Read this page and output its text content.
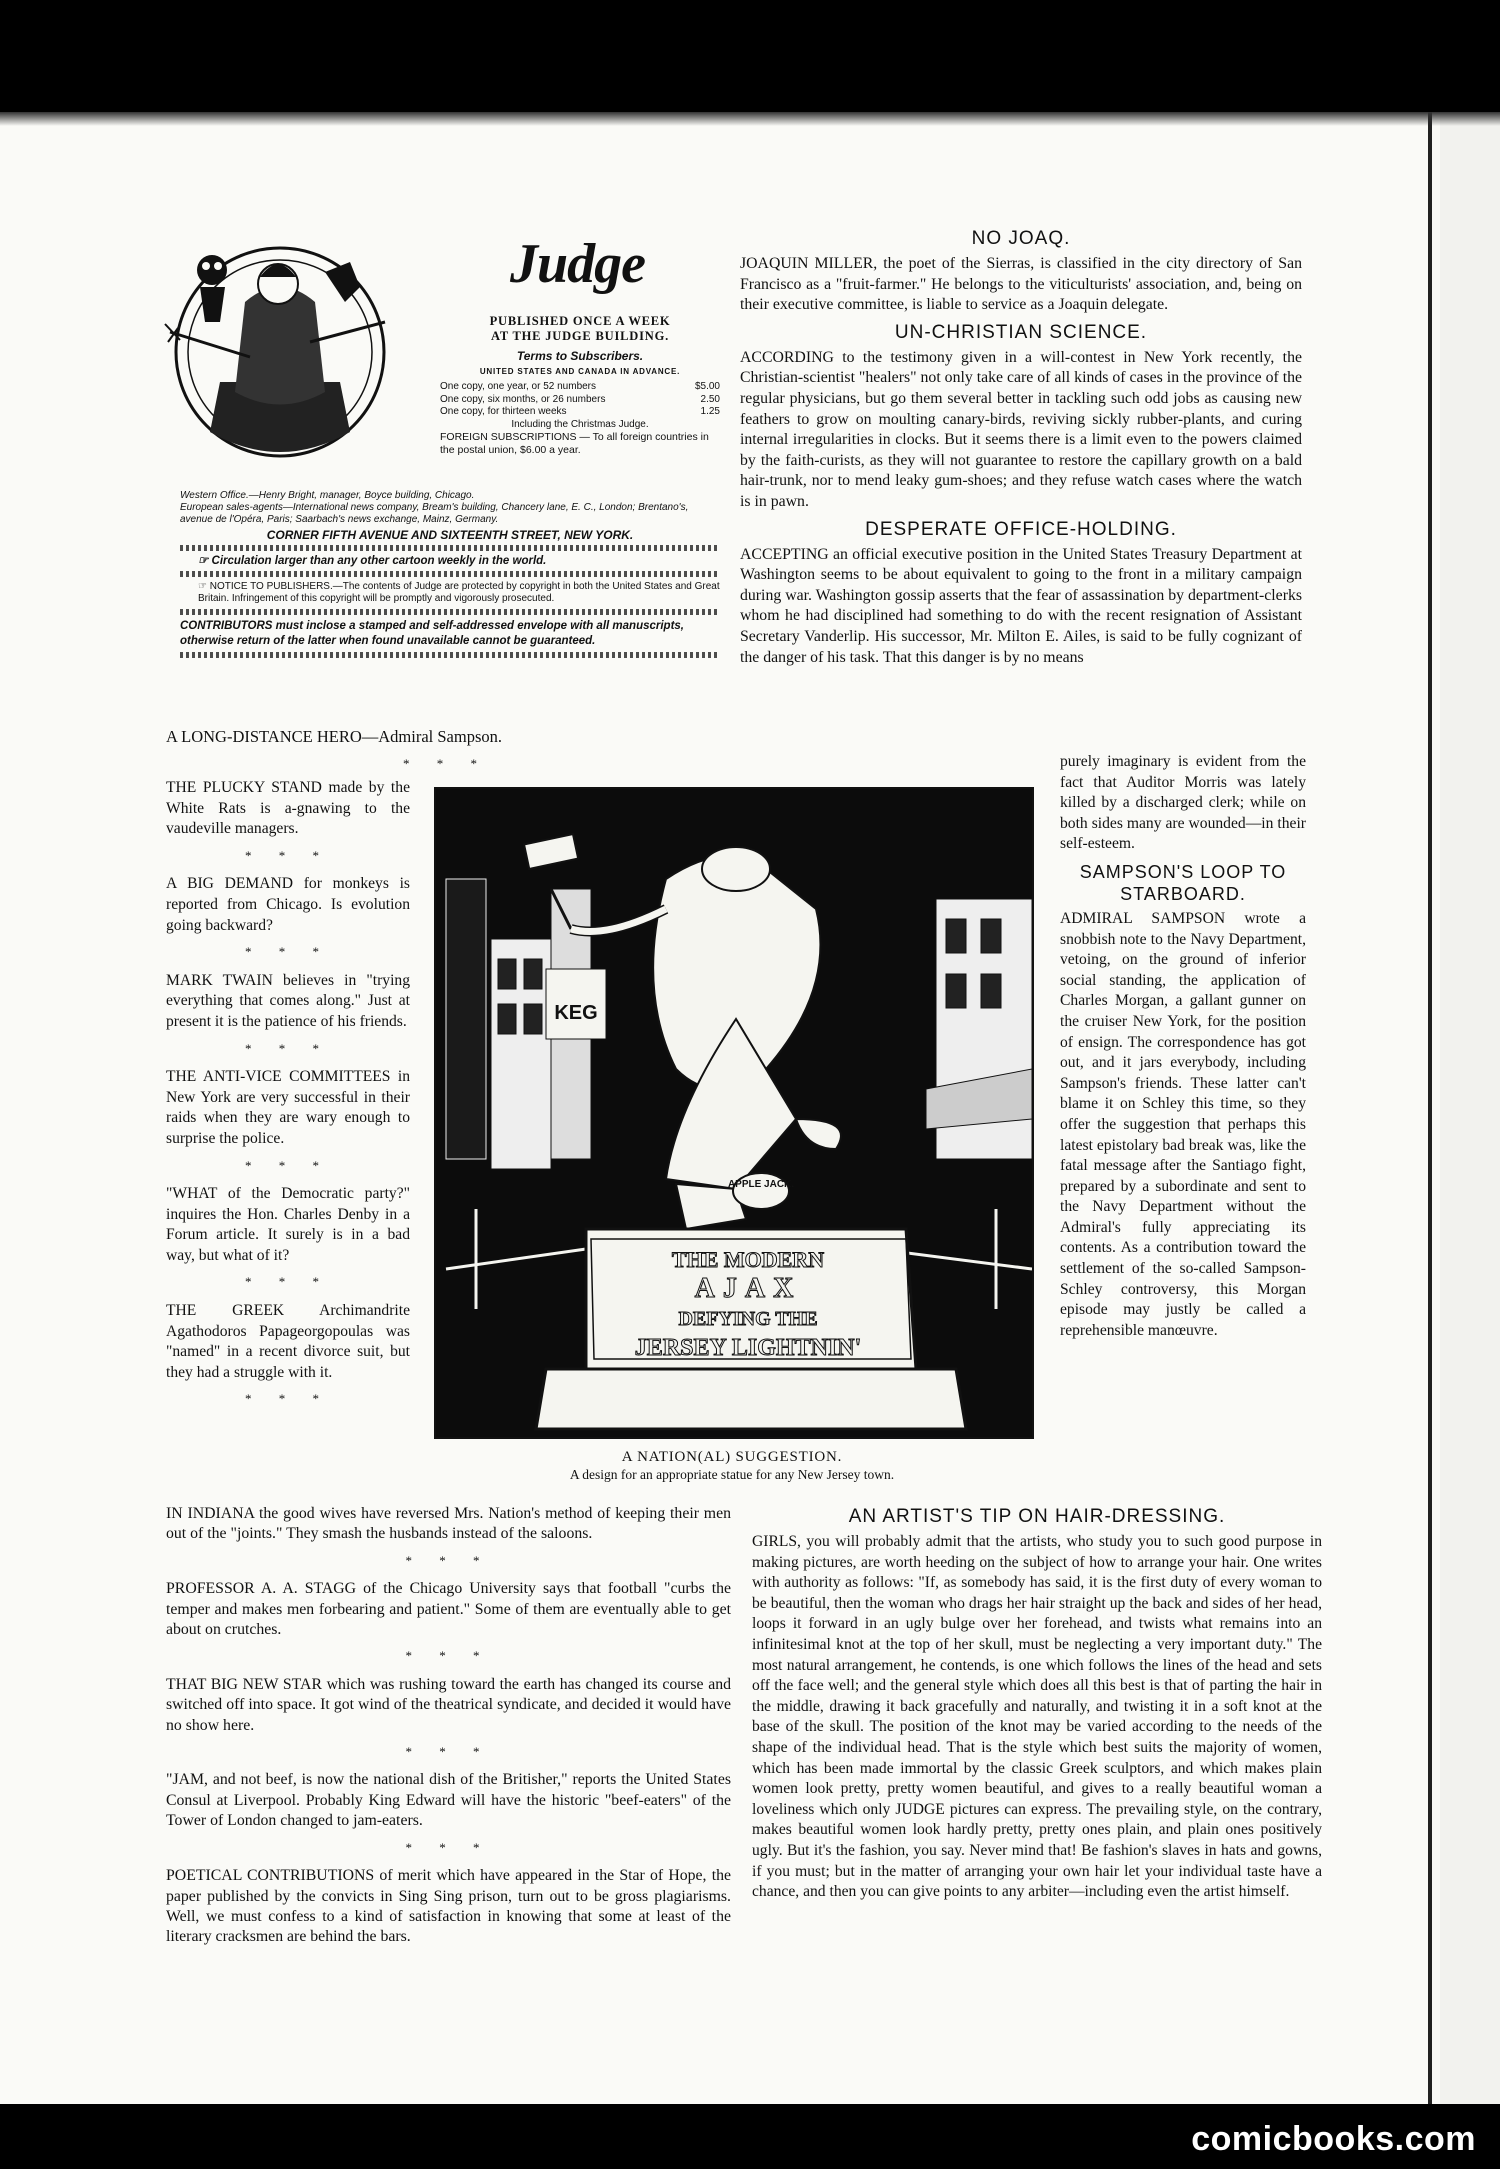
Judge
PUBLISHED ONCE A WEEK
AT THE JUDGE BUILDING.
Terms to Subscribers.
UNITED STATES AND CANADA IN ADVANCE.
One copy, one year, or 52 numbers	$5.00
One copy, six months, or 26 numbers	2.50
One copy, for thirteen weeks	1.25
Including the Christmas Judge.
FOREIGN SUBSCRIPTIONS — To all foreign countries in the postal union, $6.00 a year.
Western Office.—Henry Bright, manager, Boyce building, Chicago.
European sales-agents—International news company, Bream's building, Chancery lane, E. C., London; Brentano's, avenue de l'Opéra, Paris; Saarbach's news exchange, Mainz, Germany.
CORNER FIFTH AVENUE AND SIXTEENTH STREET, NEW YORK.
☞ Circulation larger than any other cartoon weekly in the world.
☞ NOTICE TO PUBLISHERS.—The contents of Judge are protected by copyright in both the United States and Great Britain. Infringement of this copyright will be promptly and vigorously prosecuted.
CONTRIBUTORS must inclose a stamped and self-addressed envelope with all manuscripts, otherwise return of the latter when found unavailable cannot be guaranteed.

A LONG-DISTANCE HERO—Admiral Sampson.

* * *

THE PLUCKY STAND made by the White Rats is a-gnawing to the vaudeville managers.

* * *

A BIG DEMAND for monkeys is reported from Chicago. Is evolution going backward?

* * *

MARK TWAIN believes in "trying everything that comes along." Just at present it is the patience of his friends.

* * *

THE ANTI-VICE COMMITTEES in New York are very successful in their raids when they are wary enough to surprise the police.

* * *

"WHAT of the Democratic party?" inquires the Hon. Charles Denby in a Forum article. It surely is in a bad way, but what of it?

* * *

THE GREEK Archimandrite Agathodoros Papageorgopoulas was "named" in a recent divorce suit, but they had a struggle with it.

* * *

IN INDIANA the good wives have reversed Mrs. Nation's method of keeping their men out of the "joints." They smash the husbands instead of the saloons.

* * *

PROFESSOR A. A. STAGG of the Chicago University says that football "curbs the temper and makes men forbearing and patient." Some of them are eventually able to get about on crutches.

* * *

THAT BIG NEW STAR which was rushing toward the earth has changed its course and switched off into space. It got wind of the theatrical syndicate, and decided it would have no show here.

* * *

"JAM, and not beef, is now the national dish of the Britisher," reports the United States Consul at Liverpool. Probably King Edward will have the historic "beef-eaters" of the Tower of London changed to jam-eaters.

* * *

POETICAL CONTRIBUTIONS of merit which have appeared in the Star of Hope, the paper published by the convicts in Sing Sing prison, turn out to be gross plagiarisms. Well, we must confess to a kind of satisfaction in knowing that some at least of the literary cracksmen are behind the bars.

NO JOAQ.

JOAQUIN MILLER, the poet of the Sierras, is classified in the city directory of San Francisco as a "fruit-farmer." He belongs to the viticulturists' association, and, being on their executive committee, is liable to service as a Joaquin delegate.

UN-CHRISTIAN SCIENCE.

ACCORDING to the testimony given in a will-contest in New York recently, the Christian-scientist "healers" not only take care of all kinds of cases in the province of the regular physicians, but go them several better in tackling such odd jobs as causing new feathers to grow on moulting canary-birds, reviving sickly rubber-plants, and curing internal irregularities in clocks. But it seems there is a limit even to the powers claimed by the faith-curists, as they will not guarantee to restore the capillary growth on a bald hair-trunk, nor to mend leaky gum-shoes; and they refuse watch cases where the watch is in pawn.

DESPERATE OFFICE-HOLDING.

ACCEPTING an official executive position in the United States Treasury Department at Washington seems to be about equivalent to going to the front in a military campaign during war. Washington gossip asserts that the fear of assassination by department-clerks whom he had disciplined had something to do with the recent resignation of Assistant Secretary Vanderlip. His successor, Mr. Milton E. Ailes, is said to be fully cognizant of the danger of his task. That this danger is by no means

purely imaginary is evident from the fact that Auditor Morris was lately killed by a discharged clerk; while on both sides many are wounded—in their self-esteem.

SAMPSON'S LOOP TO STARBOARD.

ADMIRAL SAMPSON wrote a snobbish note to the Navy Department, vetoing, on the ground of inferior social standing, the application of Charles Morgan, a gallant gunner on the cruiser New York, for the position of ensign. The correspondence has got out, and it jars everybody, including Sampson's friends. These latter can't blame it on Schley this time, so they offer the suggestion that perhaps this latest epistolary bad break was, like the fatal message after the Santiago fight, prepared by a subordinate and sent to the Navy Department without the Admiral's fully appreciating its contents. As a contribution toward the settlement of the so-called Sampson-Schley controversy, this Morgan episode may justly be called a reprehensible manœuvre.

AN ARTIST'S TIP ON HAIR-DRESSING.

GIRLS, you will probably admit that the artists, who study you to such good purpose in making pictures, are worth heeding on the subject of how to arrange your hair. One writes with authority as follows: "If, as somebody has said, it is the first duty of every woman to be beautiful, then the woman who drags her hair straight up the back and sides of her head, loops it forward in an ugly bulge over her forehead, and twists what remains into an infinitesimal knot at the top of her skull, must be neglecting a very important duty." The most natural arrangement, he contends, is one which follows the lines of the head and sets off the face well; and the general style which does all this best is that of parting the hair in the middle, drawing it back gracefully and naturally, and twisting it in a soft knot at the base of the skull. The position of the knot may be varied according to the needs of the shape of the individual head. That is the style which best suits the majority of women, which has been made immortal by the classic Greek sculptors, and which makes plain women look pretty, pretty women beautiful, and gives to a really beautiful woman a loveliness which only JUDGE pictures can express. The prevailing style, on the contrary, makes beautiful women look hardly pretty, pretty ones plain, and plain ones positively ugly. But it's the fashion, you say. Never mind that! Be fashion's slaves in hats and gowns, if you must; but in the matter of arranging your own hair let your individual taste have a chance, and then you can give points to any arbiter—including even the artist himself.

KEG
APPLE JACK.
THE MODERN
AJAX
DEFYING THE
JERSEY LIGHTNIN'
A NATION(AL) SUGGESTION.
A design for an appropriate statue for any New Jersey town.
comicbooks.com
